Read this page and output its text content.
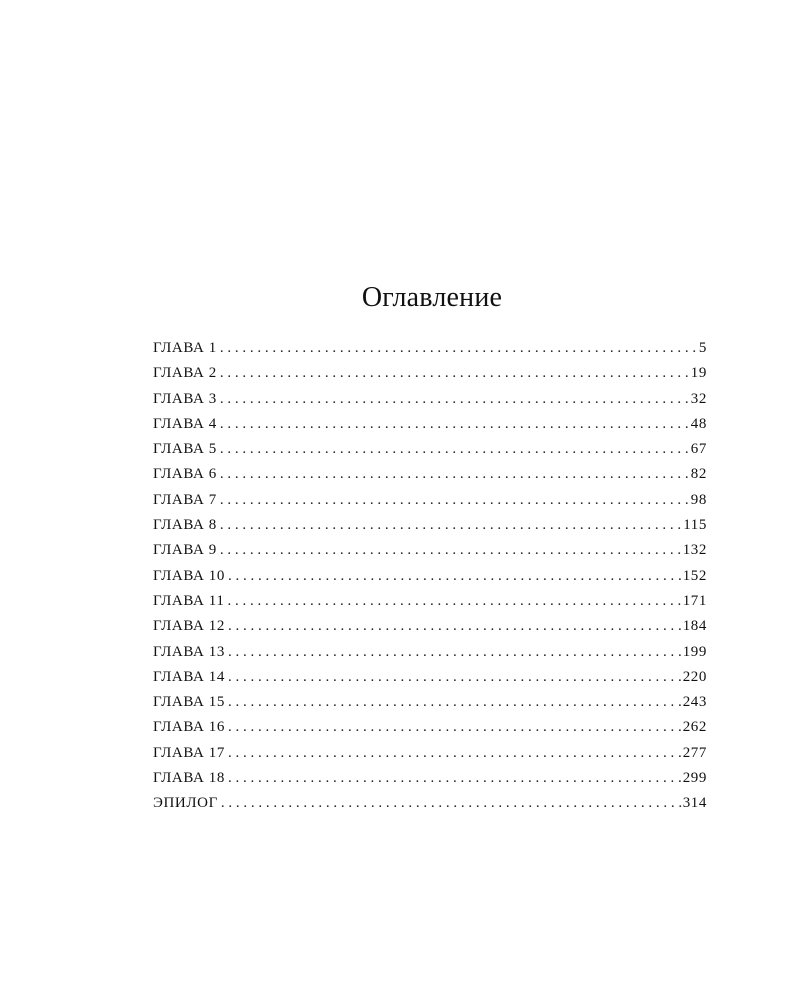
Оглавление
ГЛАВА 1 . . .	5
ГЛАВА 2 . . .	19
ГЛАВА 3 . . .	32
ГЛАВА 4 . . .	48
ГЛАВА 5 . . .	67
ГЛАВА 6 . . .	82
ГЛАВА 7 . . .	98
ГЛАВА 8 . . .	115
ГЛАВА 9 . . .	132
ГЛАВА 10 . . .	152
ГЛАВА 11 . . .	171
ГЛАВА 12 . . .	184
ГЛАВА 13 . . .	199
ГЛАВА 14 . . .	220
ГЛАВА 15 . . .	243
ГЛАВА 16 . . .	262
ГЛАВА 17 . . .	277
ГЛАВА 18 . . .	299
ЭПИЛОГ . . .	314
